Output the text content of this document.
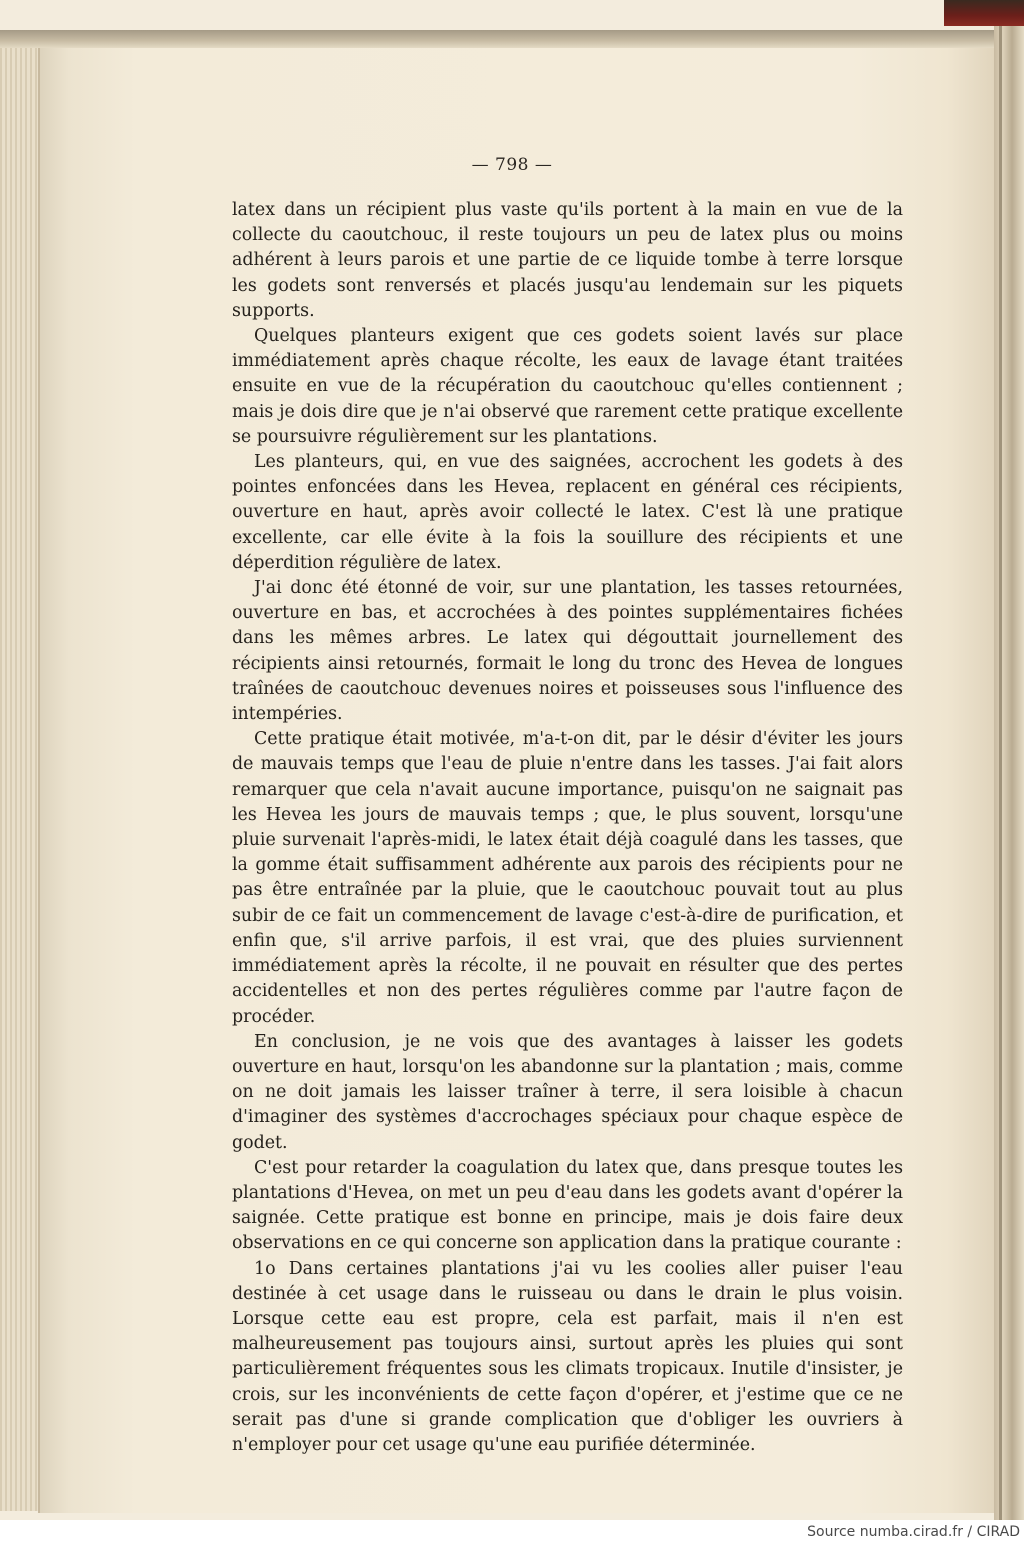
— 798 —

latex dans un récipient plus vaste qu'ils portent à la main en vue de la collecte du caoutchouc, il reste toujours un peu de latex plus ou moins adhérent à leurs parois et une partie de ce liquide tombe à terre lorsque les godets sont renversés et placés jusqu'au lendemain sur les piquets supports.

Quelques planteurs exigent que ces godets soient lavés sur place immédiatement après chaque récolte, les eaux de lavage étant traitées ensuite en vue de la récupération du caoutchouc qu'elles contiennent ; mais je dois dire que je n'ai observé que rarement cette pratique excellente se poursuivre régulièrement sur les plantations.

Les planteurs, qui, en vue des saignées, accrochent les godets à des pointes enfoncées dans les Hevea, replacent en général ces récipients, ouverture en haut, après avoir collecté le latex. C'est là une pratique excellente, car elle évite à la fois la souillure des récipients et une déperdition régulière de latex.

J'ai donc été étonné de voir, sur une plantation, les tasses retournées, ouverture en bas, et accrochées à des pointes supplémentaires fichées dans les mêmes arbres. Le latex qui dégouttait journellement des récipients ainsi retournés, formait le long du tronc des Hevea de longues traînées de caoutchouc devenues noires et poisseuses sous l'influence des intempéries.

Cette pratique était motivée, m'a-t-on dit, par le désir d'éviter les jours de mauvais temps que l'eau de pluie n'entre dans les tasses. J'ai fait alors remarquer que cela n'avait aucune importance, puisqu'on ne saignait pas les Hevea les jours de mauvais temps ; que, le plus souvent, lorsqu'une pluie survenait l'après-midi, le latex était déjà coagulé dans les tasses, que la gomme était suffisamment adhérente aux parois des récipients pour ne pas être entraînée par la pluie, que le caoutchouc pouvait tout au plus subir de ce fait un commencement de lavage c'est-à-dire de purification, et enfin que, s'il arrive parfois, il est vrai, que des pluies surviennent immédiatement après la récolte, il ne pouvait en résulter que des pertes accidentelles et non des pertes régulières comme par l'autre façon de procéder.

En conclusion, je ne vois que des avantages à laisser les godets ouverture en haut, lorsqu'on les abandonne sur la plantation ; mais, comme on ne doit jamais les laisser traîner à terre, il sera loisible à chacun d'imaginer des systèmes d'accrochages spéciaux pour chaque espèce de godet.

C'est pour retarder la coagulation du latex que, dans presque toutes les plantations d'Hevea, on met un peu d'eau dans les godets avant d'opérer la saignée. Cette pratique est bonne en principe, mais je dois faire deux observations en ce qui concerne son application dans la pratique courante :

1o Dans certaines plantations j'ai vu les coolies aller puiser l'eau destinée à cet usage dans le ruisseau ou dans le drain le plus voisin. Lorsque cette eau est propre, cela est parfait, mais il n'en est malheureusement pas toujours ainsi, surtout après les pluies qui sont particulièrement fréquentes sous les climats tropicaux. Inutile d'insister, je crois, sur les inconvénients de cette façon d'opérer, et j'estime que ce ne serait pas d'une si grande complication que d'obliger les ouvriers à n'employer pour cet usage qu'une eau purifiée déterminée.

Source numba.cirad.fr / CIRAD
